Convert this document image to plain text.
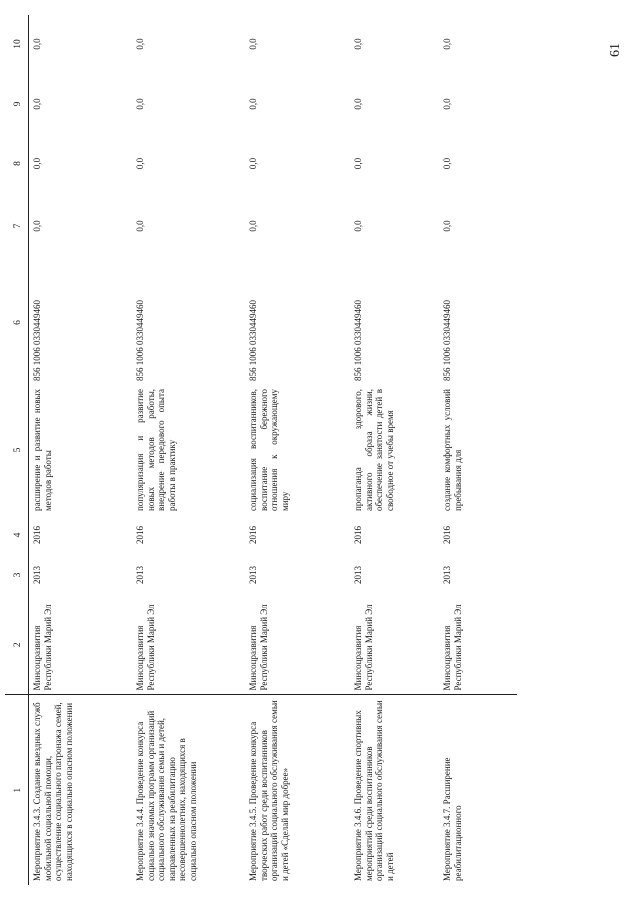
61
1	2	3	4	5	6	7	8	9	10
Мероприятие 3.4.3. Создание выездных служб мобильной социальной помощи, осуществление социального патронажа семей, находящихся в социально опасном положении	Минсоцразвития Республики Марий Эл	2013	2016	расширение и развитие новых методов работы	856 1006 0330449460	0,0	0,0	0,0	0,0
Мероприятие 3.4.4. Проведение конкурса социально значимых программ организаций социального обслуживания семьи и детей, направленных на реабилитацию несовершеннолетних, находящихся в социально опасном положении	Минсоцразвития Республики Марий Эл	2013	2016	популяризация и развитие новых методов работы, внедрение передового опыта работы в практику	856 1006 0330449460	0,0	0,0	0,0	0,0
Мероприятие 3.4.5. Проведение конкурса творческих работ среди воспитанников организаций социального обслуживания семьи и детей «Сделай мир добрее»	Минсоцразвития Республики Марий Эл	2013	2016	социализация воспитанников, воспитание бережного отношения к окружающему миру	856 1006 0330449460	0,0	0,0	0,0	0,0
Мероприятие 3.4.6. Проведение спортивных мероприятий среди воспитанников организаций социального обслуживания семьи и детей	Минсоцразвития Республики Марий Эл	2013	2016	пропаганда здорового, активного образа жизни, обеспечение занятости детей в свободное от учебы время	856 1006 0330449460	0,0	0,0	0,0	0,0
Мероприятие 3.4.7. Расширение реабилитационного	Минсоцразвития Республики Марий Эл	2013	2016	создание комфортных условий пребывания для	856 1006 0330449460	0,0	0,0	0,0	0,0
